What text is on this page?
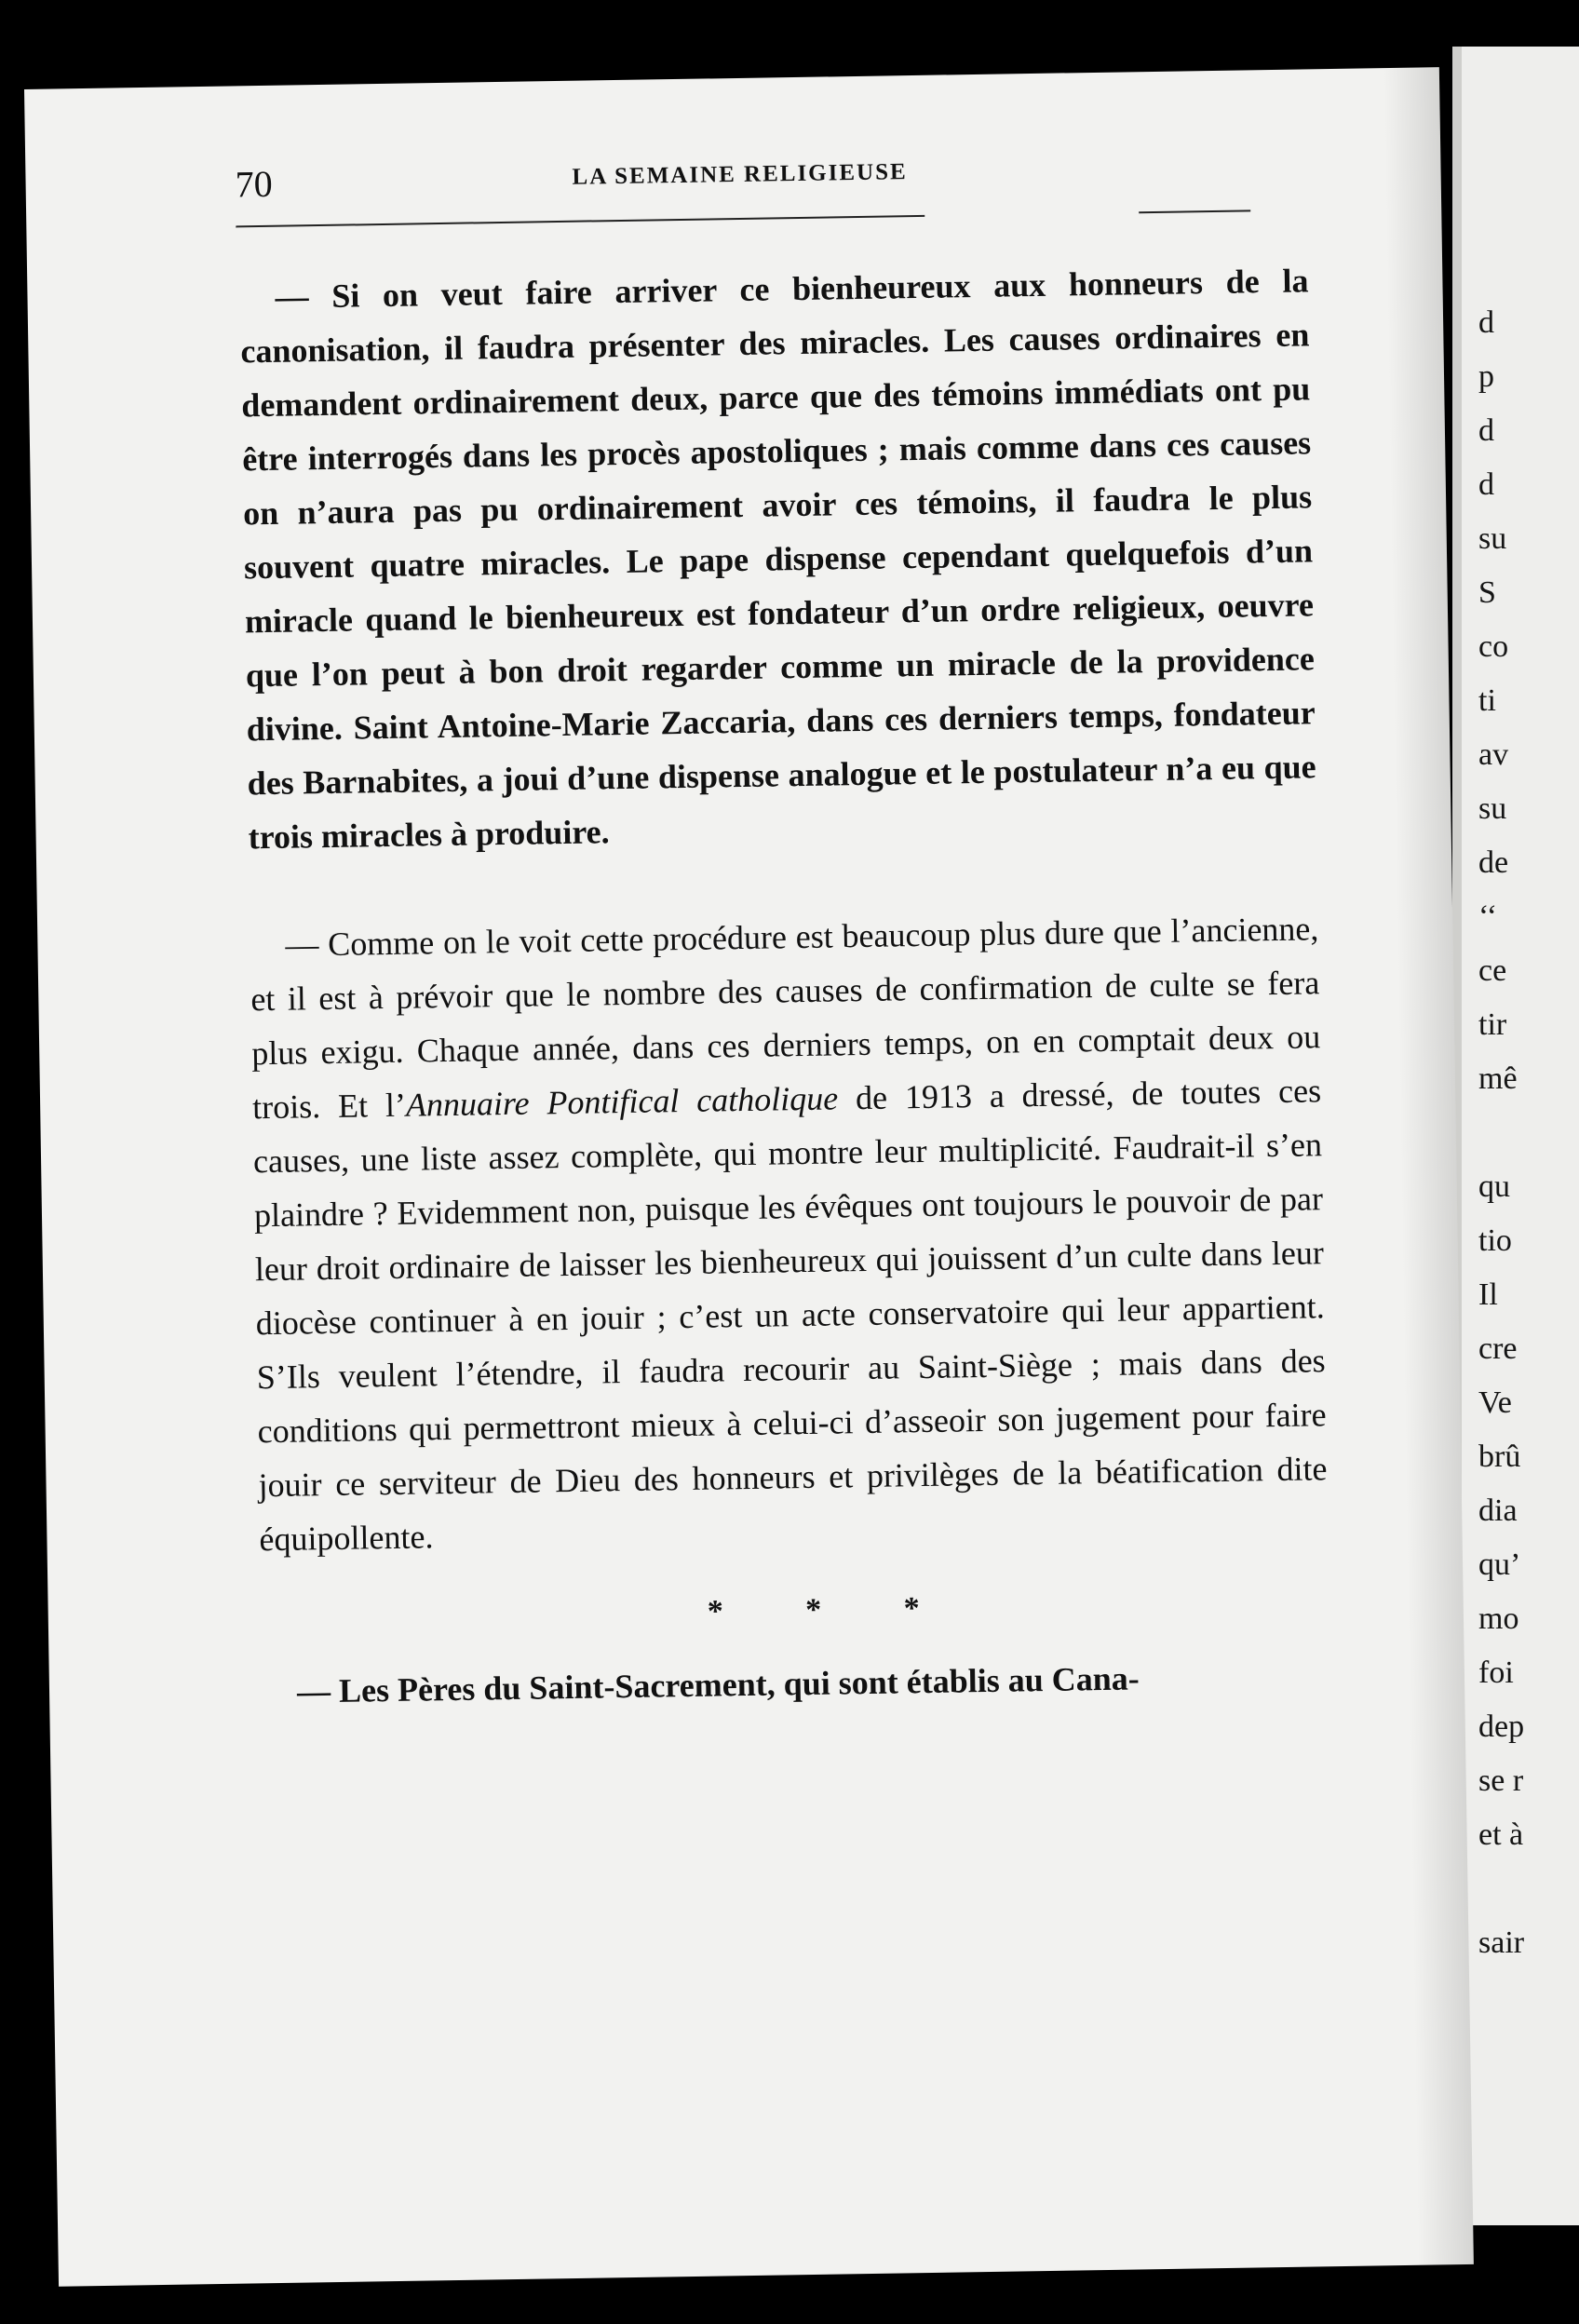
d
p
d
d
su
S
co
ti
av
su
de
‘‘
ce
tir
mê
qu
tio
Il
cre
Ve
brû
dia
qu’
mo
foi
dep
se r
et à
sair
70	LA SEMAINE RELIGIEUSE

— Si on veut faire arriver ce bienheureux aux honneurs de la canonisation, il faudra présenter des miracles. Les causes ordinaires en demandent ordinairement deux, parce que des témoins immédiats ont pu être interrogés dans les procès apostoliques ; mais comme dans ces causes on n’aura pas pu ordinairement avoir ces témoins, il faudra le plus souvent quatre miracles. Le pape dispense cependant quelquefois d’un miracle quand le bienheureux est fondateur d’un ordre religieux, oeuvre que l’on peut à bon droit regarder comme un miracle de la providence divine. Saint Antoine-Marie Zaccaria, dans ces derniers temps, fondateur des Barnabites, a joui d’une dispense analogue et le postulateur n’a eu que trois miracles à produire.

— Comme on le voit cette procédure est beaucoup plus dure que l’ancienne, et il est à prévoir que le nombre des causes de confirmation de culte se fera plus exigu. Chaque année, dans ces derniers temps, on en comptait deux ou trois. Et l’Annuaire Pontifical catholique de 1913 a dressé, de toutes ces causes, une liste assez complète, qui montre leur multiplicité. Faudrait-il s’en plaindre ? Evidemment non, puisque les évêques ont toujours le pouvoir de par leur droit ordinaire de laisser les bienheureux qui jouissent d’un culte dans leur diocèse continuer à en jouir ; c’est un acte conservatoire qui leur appartient. S’Ils veulent l’étendre, il faudra recourir au Saint-Siège ; mais dans des conditions qui permettront mieux à celui-ci d’asseoir son jugement pour faire jouir ce serviteur de Dieu des honneurs et privilèges de la béatification dite équipollente.

* * *

— Les Pères du Saint-Sacrement, qui sont établis au Cana-
